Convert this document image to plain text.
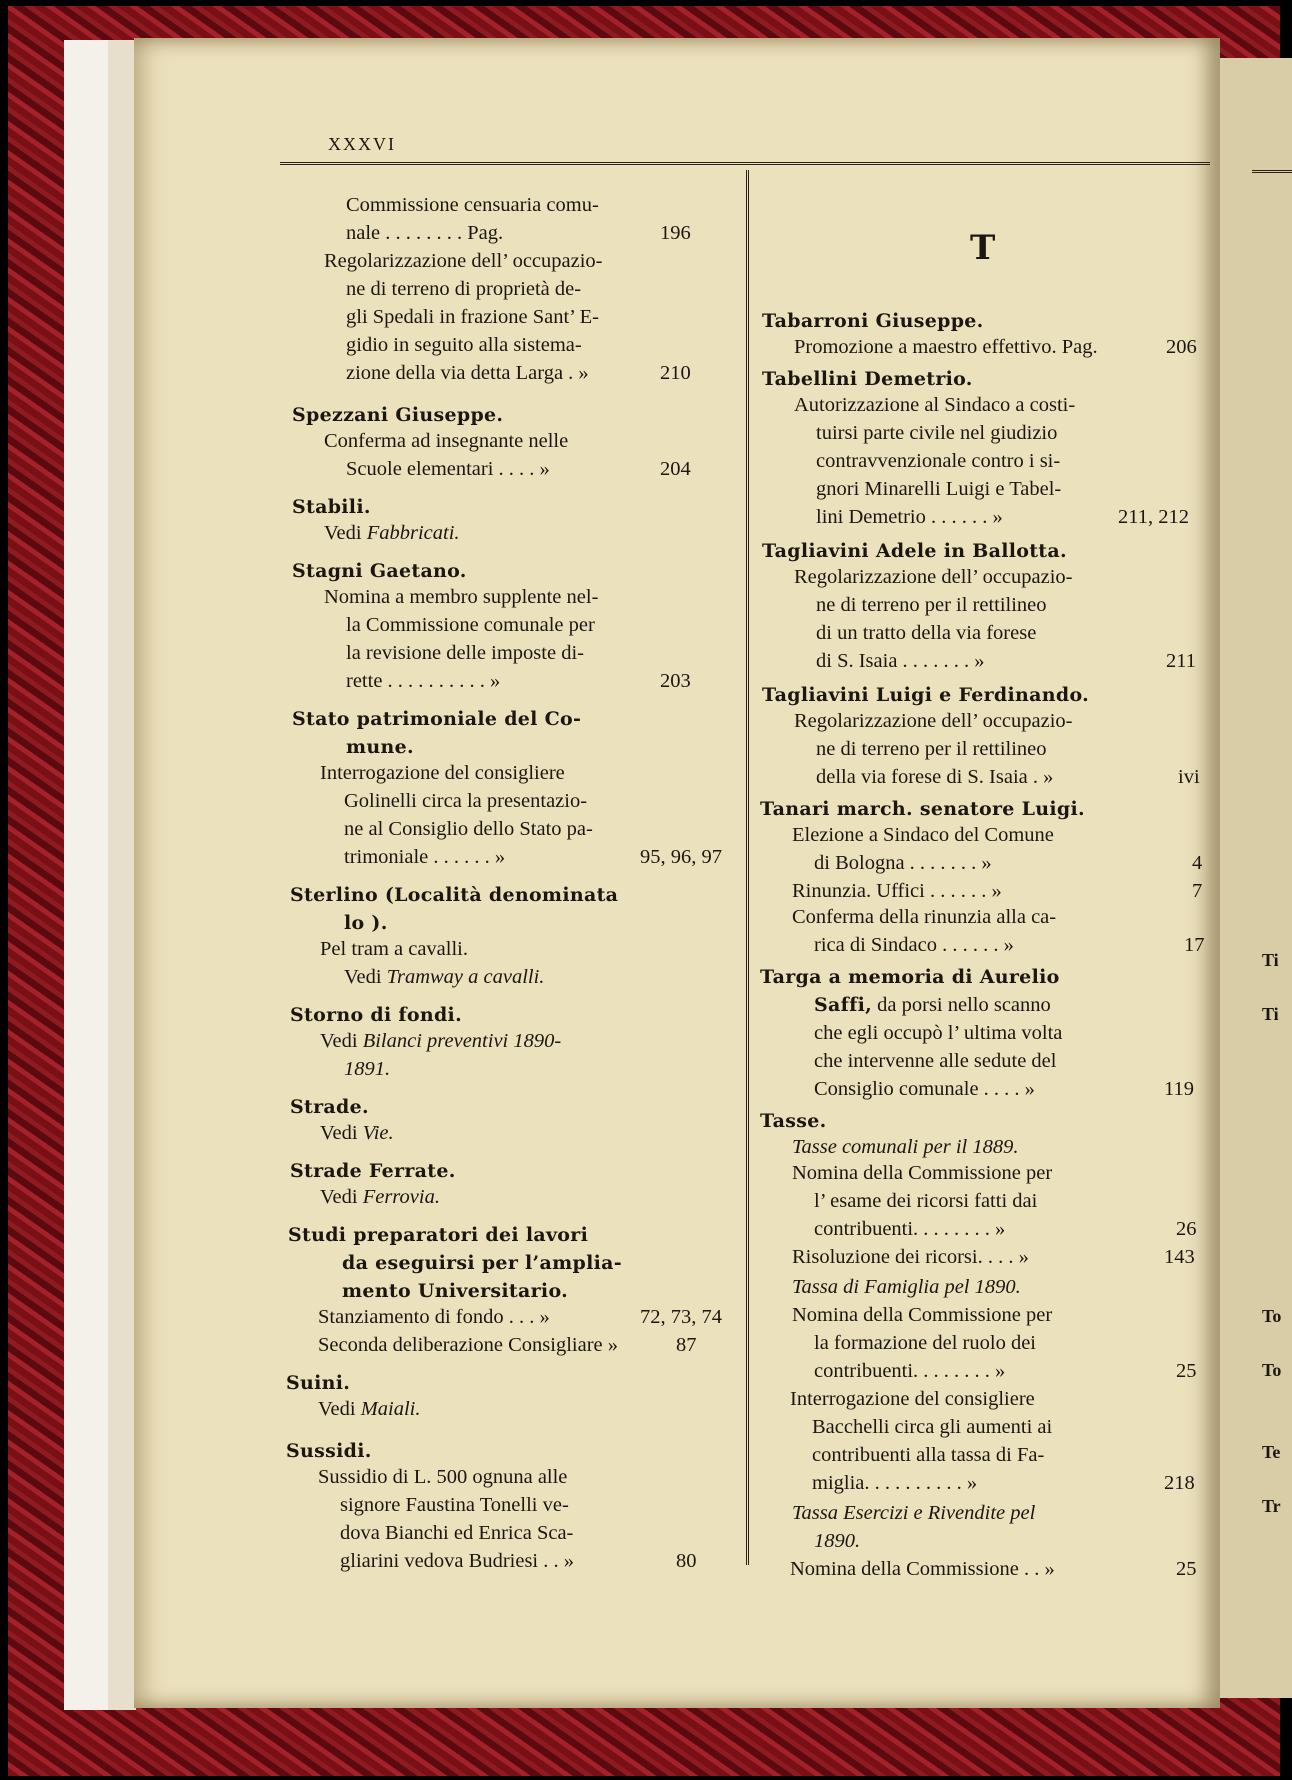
Ti
Ti
To
To
Te
Tr
XXXVI
T
Commissione censuaria comu-
nale . . . . . . . . Pag.	196
Regolarizzazione dell’ occupazio-
ne di terreno di proprietà de-
gli Spedali in frazione Sant’ E-
gidio in seguito alla sistema-
zione della via detta Larga . »	210
Spezzani Giuseppe.
Conferma ad insegnante nelle
Scuole elementari . . . . »	204
Stabili.
Vedi Fabbricati.
Stagni Gaetano.
Nomina a membro supplente nel-
la Commissione comunale per
la revisione delle imposte di-
rette . . . . . . . . . . »	203
Stato patrimoniale del Co-
mune.
Interrogazione del consigliere
Golinelli circa la presentazio-
ne al Consiglio dello Stato pa-
trimoniale . . . . . . »	95, 96, 97
Sterlino (Località denominata
lo ).
Pel tram a cavalli.
Vedi Tramway a cavalli.
Storno di fondi.
Vedi Bilanci preventivi 1890-
1891.
Strade.
Vedi Vie.
Strade Ferrate.
Vedi Ferrovia.
Studi preparatori dei lavori
da eseguirsi per l’amplia-
mento Universitario.
Stanziamento di fondo . . . »	72, 73, 74
Seconda deliberazione Consigliare »	87
Suini.
Vedi Maiali.
Sussidi.
Sussidio di L. 500 ognuna alle
signore Faustina Tonelli ve-
dova Bianchi ed Enrica Sca-
gliarini vedova Budriesi . . »	80
Tabarroni Giuseppe.
Promozione a maestro effettivo. Pag.	206
Tabellini Demetrio.
Autorizzazione al Sindaco a costi-
tuirsi parte civile nel giudizio
contravvenzionale contro i si-
gnori Minarelli Luigi e Tabel-
lini Demetrio . . . . . . »	211, 212
Tagliavini Adele in Ballotta.
Regolarizzazione dell’ occupazio-
ne di terreno per il rettilineo
di un tratto della via forese
di S. Isaia . . . . . . . »	211
Tagliavini Luigi e Ferdinando.
Regolarizzazione dell’ occupazio-
ne di terreno per il rettilineo
della via forese di S. Isaia . »	ivi
Tanari march. senatore Luigi.
Elezione a Sindaco del Comune
di Bologna . . . . . . . »	4
Rinunzia. Uffici . . . . . . »	7
Conferma della rinunzia alla ca-
rica di Sindaco . . . . . . »	17
Targa a memoria di Aurelio
Saffi, da porsi nello scanno
che egli occupò l’ ultima volta
che intervenne alle sedute del
Consiglio comunale . . . . »	119
Tasse.
Tasse comunali per il 1889.
Nomina della Commissione per
l’ esame dei ricorsi fatti dai
contribuenti. . . . . . . . »	26
Risoluzione dei ricorsi. . . . »	143
Tassa di Famiglia pel 1890.
Nomina della Commissione per
la formazione del ruolo dei
contribuenti. . . . . . . . »	25
Interrogazione del consigliere
Bacchelli circa gli aumenti ai
contribuenti alla tassa di Fa-
miglia. . . . . . . . . . »	218
Tassa Esercizi e Rivendite pel
1890.
Nomina della Commissione . . »	25
